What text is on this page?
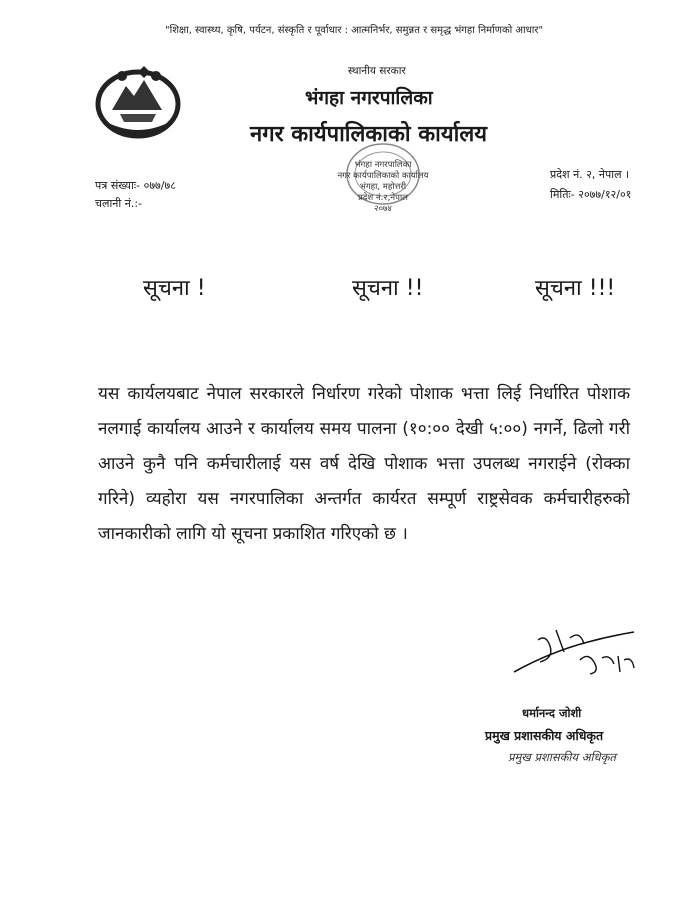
"शिक्षा, स्वास्थ्य, कृषि, पर्यटन, संस्कृति र पूर्वाधार : आत्मनिर्भर, समुन्नत र समृद्ध भंगहा निर्माणको आधार"
स्थानीय सरकार
भंगहा नगरपालिका
नगर कार्यपालिकाको कार्यालय
पत्र संख्याः- ०७७/७८
चलानी नं.:-
प्रदेश नं. २, नेपाल ।
मितिः- २०७७/१२/०१
भंगहा नगरपालिका
नगर कार्यपालिकाको कार्यालय
भंगहा, महोत्तरी
प्रदेश नं.२,नेपाल
२०७४
सूचना !	सूचना !!	सूचना !!!
यस कार्यलयबाट नेपाल सरकारले निर्धारण गरेको पोशाक भत्ता लिई निर्धारित पोशाक नलगाई कार्यालय आउने र कार्यालय समय पालना (१०:०० देखी ५:००) नगर्ने, ढिलो गरी आउने कुनै पनि कर्मचारीलाई यस वर्ष देखि पोशाक भत्ता उपलब्ध नगराईने (रोक्का गरिने) व्यहोरा यस नगरपालिका अन्तर्गत कार्यरत सम्पूर्ण राष्ट्रसेवक कर्मचारीहरुको जानकारीको लागि यो सूचना प्रकाशित गरिएको छ ।
धर्मानन्द जोशी
प्रमुख प्रशासकीय अधिकृत
प्रमुख प्रशासकीय अधिकृत
